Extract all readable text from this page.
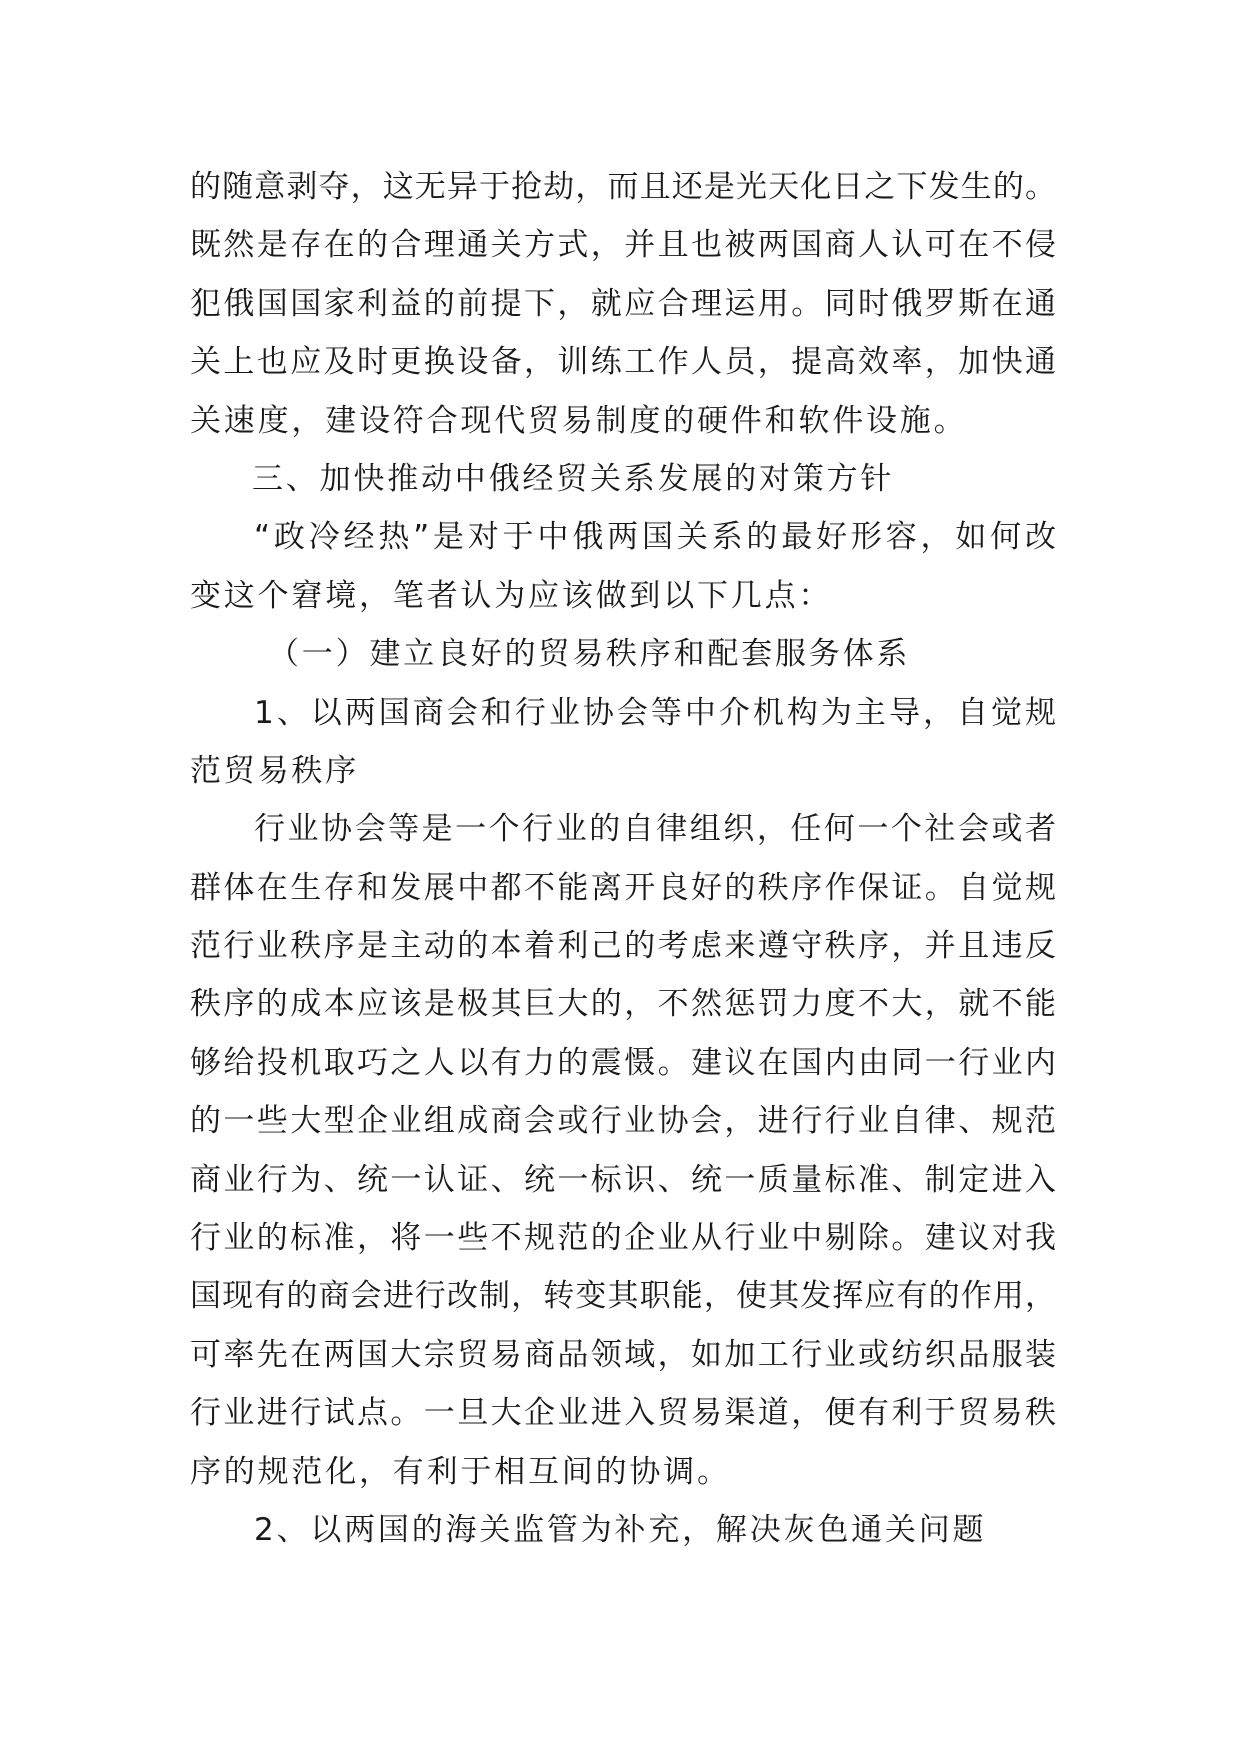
的随意剥夺，这无异于抢劫，而且还是光天化日之下发生的。
既然是存在的合理通关方式，并且也被两国商人认可在不侵
犯俄国国家利益的前提下，就应合理运用。同时俄罗斯在通
关上也应及时更换设备，训练工作人员，提高效率，加快通
关速度，建设符合现代贸易制度的硬件和软件设施。
三、加快推动中俄经贸关系发展的对策方针
“政冷经热”是对于中俄两国关系的最好形容，如何改
变这个窘境，笔者认为应该做到以下几点：
（一）建立良好的贸易秩序和配套服务体系
1、以两国商会和行业协会等中介机构为主导，自觉规
范贸易秩序
行业协会等是一个行业的自律组织，任何一个社会或者
群体在生存和发展中都不能离开良好的秩序作保证。自觉规
范行业秩序是主动的本着利己的考虑来遵守秩序，并且违反
秩序的成本应该是极其巨大的，不然惩罚力度不大，就不能
够给投机取巧之人以有力的震慑。建议在国内由同一行业内
的一些大型企业组成商会或行业协会，进行行业自律、规范
商业行为、统一认证、统一标识、统一质量标准、制定进入
行业的标准，将一些不规范的企业从行业中剔除。建议对我
国现有的商会进行改制，转变其职能，使其发挥应有的作用，
可率先在两国大宗贸易商品领域，如加工行业或纺织品服装
行业进行试点。一旦大企业进入贸易渠道，便有利于贸易秩
序的规范化，有利于相互间的协调。
2、以两国的海关监管为补充，解决灰色通关问题
